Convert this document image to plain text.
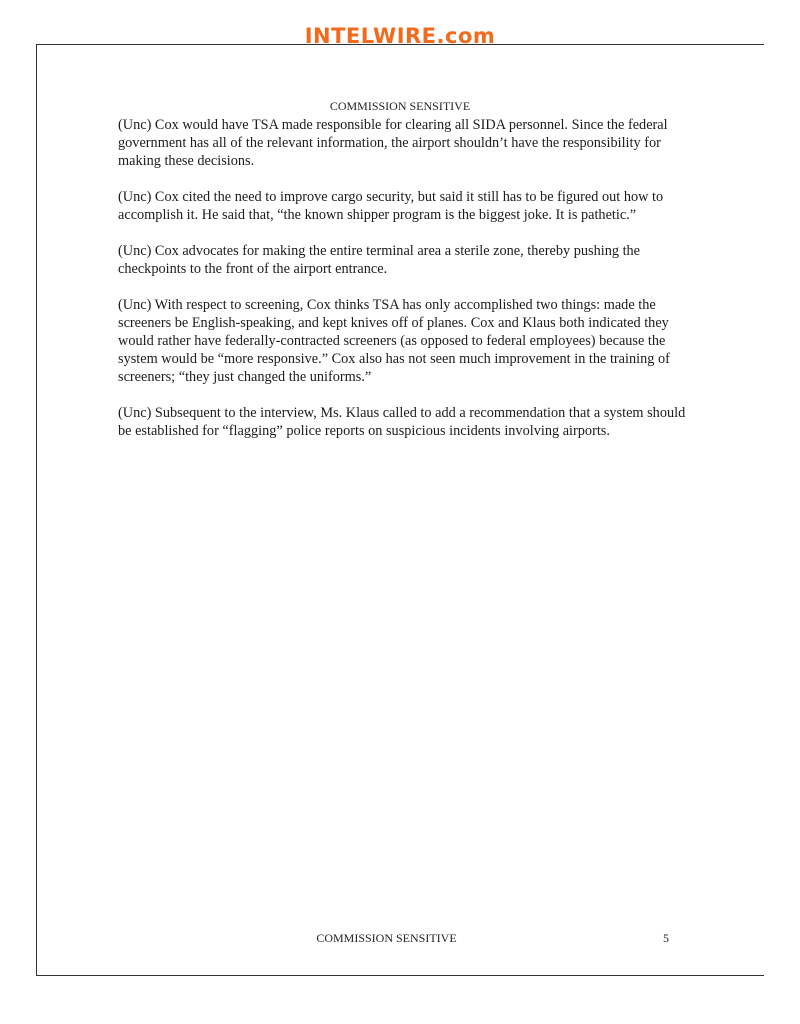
INTELWIRE.com
COMMISSION SENSITIVE

(Unc) Cox would have TSA made responsible for clearing all SIDA personnel. Since the federal government has all of the relevant information, the airport shouldn’t have the responsibility for making these decisions.

(Unc) Cox cited the need to improve cargo security, but said it still has to be figured out how to accomplish it. He said that, “the known shipper program is the biggest joke. It is pathetic.”

(Unc) Cox advocates for making the entire terminal area a sterile zone, thereby pushing the checkpoints to the front of the airport entrance.

(Unc) With respect to screening, Cox thinks TSA has only accomplished two things: made the screeners be English-speaking, and kept knives off of planes. Cox and Klaus both indicated they would rather have federally-contracted screeners (as opposed to federal employees) because the system would be “more responsive.” Cox also has not seen much improvement in the training of screeners; “they just changed the uniforms.”

(Unc) Subsequent to the interview, Ms. Klaus called to add a recommendation that a system should be established for “flagging” police reports on suspicious incidents involving airports.

COMMISSION SENSITIVE	5
